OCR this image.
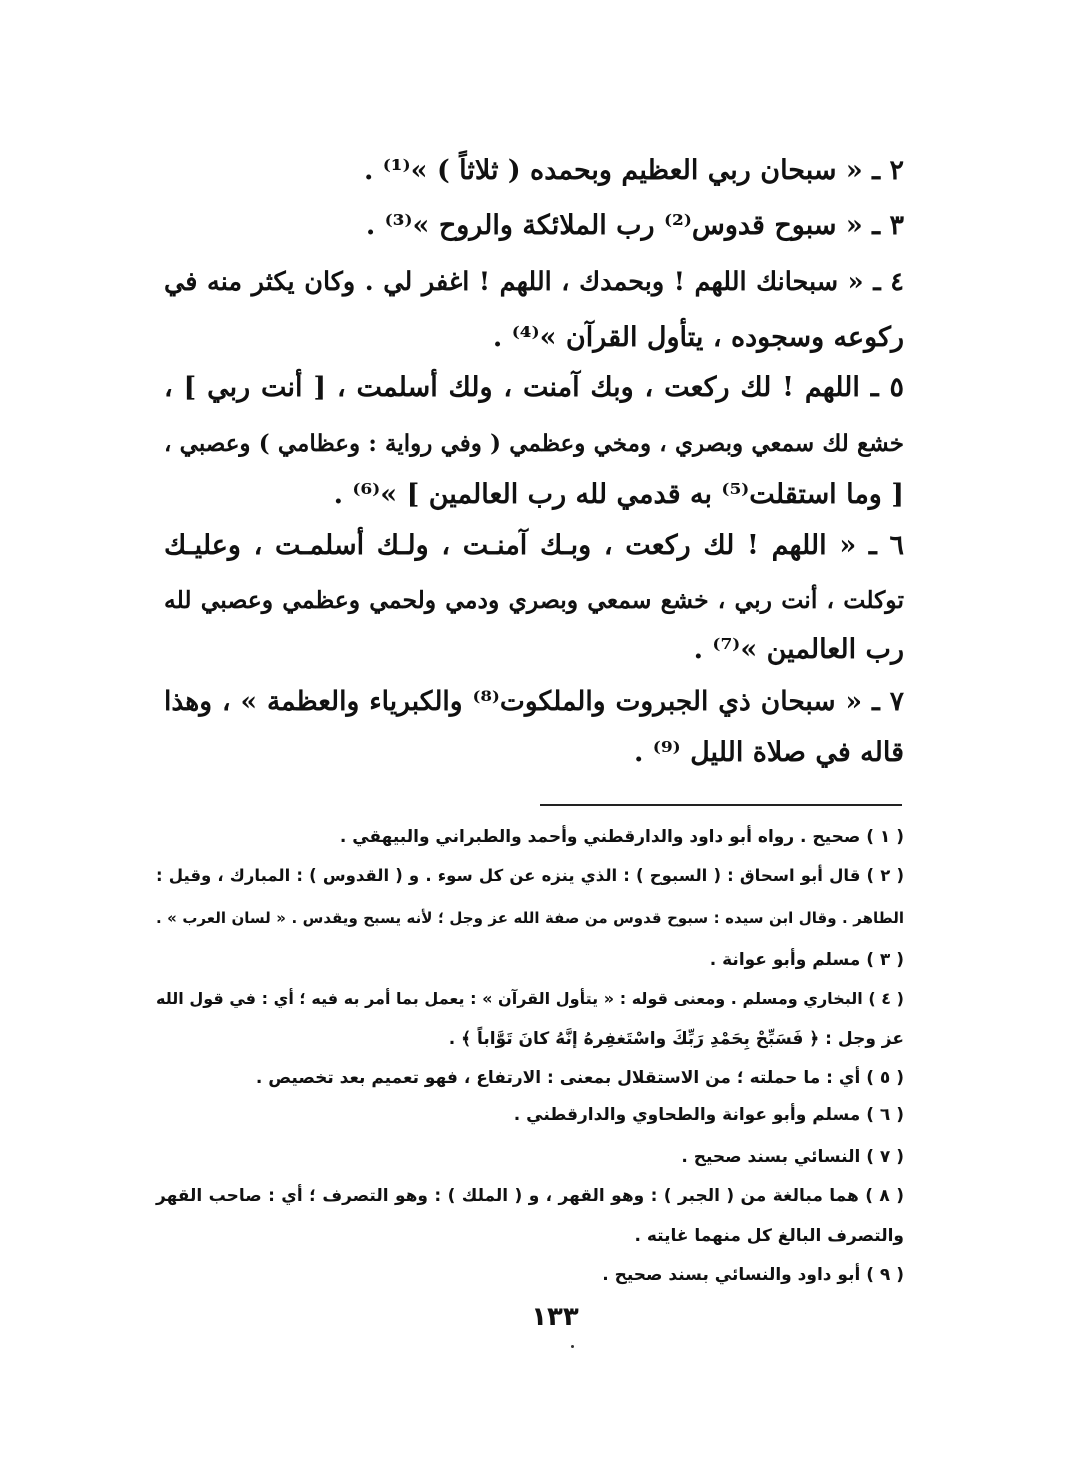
٢ ـ « سبحان ربي العظيم وبحمده ( ثلاثاً ) »⁽¹⁾ .
٣ ـ « سبوح قدوس⁽²⁾ رب الملائكة والروح »⁽³⁾ .
٤ ـ « سبحانك اللهم ! وبحمدك ، اللهم ! اغفر لي . وكان يكثر منه في
ركوعه وسجوده ، يتأول القرآن »⁽⁴⁾ .
٥ ـ اللهم ! لك ركعت ، وبك آمنت ، ولك أسلمت ، [ أنت ربي ] ،
خشع لك سمعي وبصري ، ومخي وعظمي ( وفي رواية : وعظامي ) وعصبي ،
[ وما استقلت⁽⁵⁾ به قدمي لله رب العالمين ] »⁽⁶⁾ .
٦ ـ « اللهم ! لك ركعت ، وبـك آمنـت ، ولـك أسلمـت ، وعليـك
توكلت ، أنت ربي ، خشع سمعي وبصري ودمي ولحمي وعظمي وعصبي لله
رب العالمين »⁽⁷⁾ .
٧ ـ « سبحان ذي الجبروت والملكوت⁽⁸⁾ والكبرياء والعظمة » ، وهذا
قاله في صلاة الليل ⁽⁹⁾ .
( ١ ) صحيح . رواه أبو داود والدارقطني وأحمد والطبراني والبيهقي .
( ٢ ) قال أبو اسحاق : ( السبوح ) : الذي ينزه عن كل سوء . و ( القدوس ) : المبارك ، وقيل :
الطاهر . وقال ابن سيده : سبوح قدوس من صفة الله عز وجل ؛ لأنه يسبح ويقدس . « لسان العرب » .
( ٣ ) مسلم وأبو عوانة .
( ٤ ) البخاري ومسلم . ومعنى قوله : « يتأول القرآن » : يعمل بما أمر به فيه ؛ أي : في قول الله
عز وجل : ﴿ فَسَبِّحْ بِحَمْدِ رَبِّكَ واسْتَغفِرهُ إنَّهُ كانَ تَوَّاباً ﴾ .
( ٥ ) أي : ما حملته ؛ من الاستقلال بمعنى : الارتفاع ، فهو تعميم بعد تخصيص .
( ٦ ) مسلم وأبو عوانة والطحاوي والدارقطني .
( ٧ ) النسائي بسند صحيح .
( ٨ ) هما مبالغة من ( الجبر ) : وهو القهر ، و ( الملك ) : وهو التصرف ؛ أي : صاحب القهر
والتصرف البالغ كل منهما غايته .
( ٩ ) أبو داود والنسائي بسند صحيح .
١٣٣
